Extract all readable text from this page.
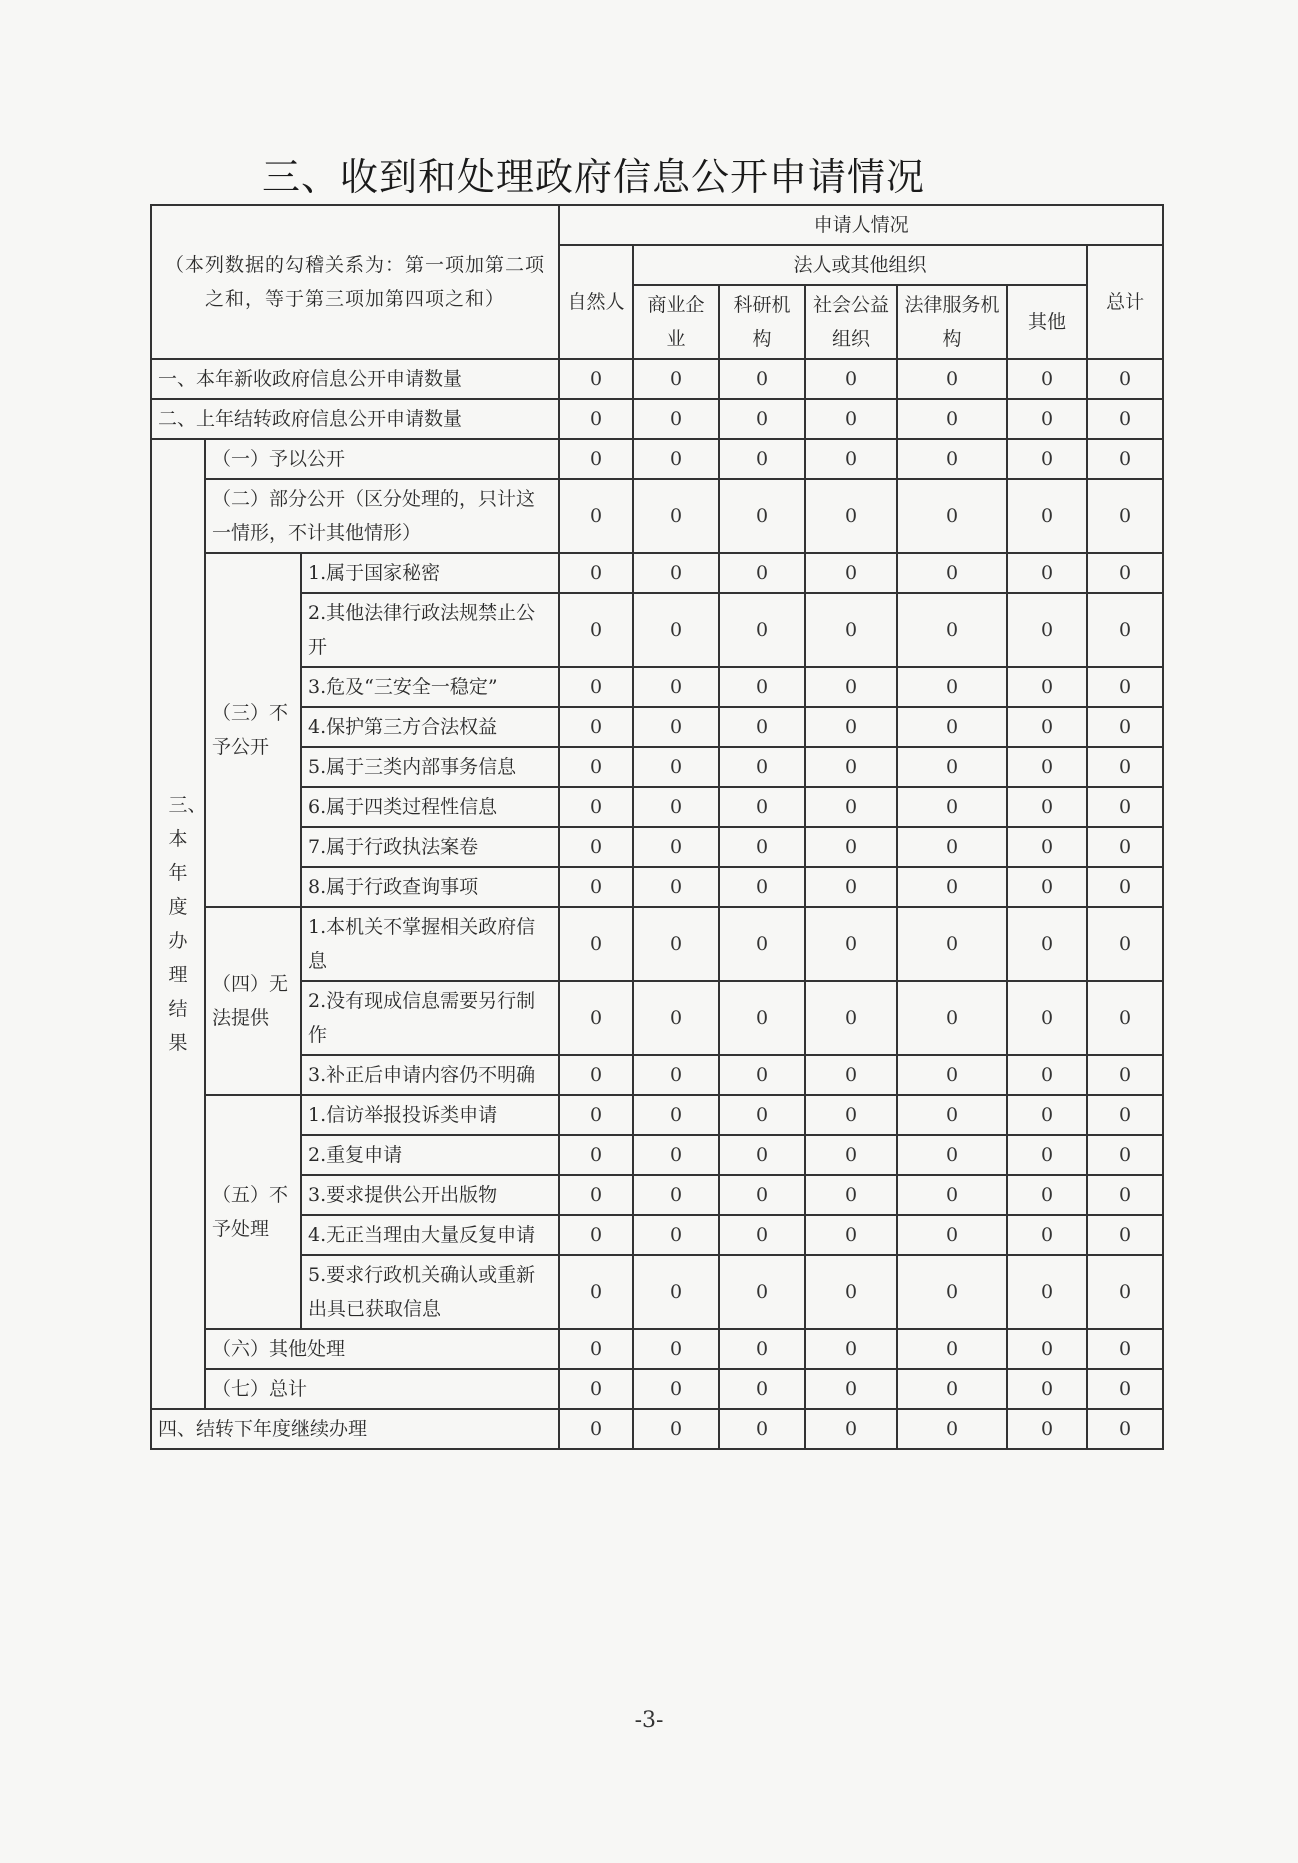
三、收到和处理政府信息公开申请情况
（本列数据的勾稽关系为：第一项加第二项之和，等于第三项加第四项之和）			申请人情况						
			自然人	法人或其他组织					总计
				商业企业	科研机构	社会公益组织	法律服务机构	其他	
一、本年新收政府信息公开申请数量			0	0	0	0	0	0	0
二、上年结转政府信息公开申请数量			0	0	0	0	0	0	0
三、本年度办理结果	（一）予以公开		0	0	0	0	0	0	0
	（二）部分公开（区分处理的，只计这一情形，不计其他情形）		0	0	0	0	0	0	0
	（三）不予公开	1.属于国家秘密	0	0	0	0	0	0	0
		2.其他法律行政法规禁止公开	0	0	0	0	0	0	0
		3.危及“三安全一稳定”	0	0	0	0	0	0	0
		4.保护第三方合法权益	0	0	0	0	0	0	0
		5.属于三类内部事务信息	0	0	0	0	0	0	0
		6.属于四类过程性信息	0	0	0	0	0	0	0
		7.属于行政执法案卷	0	0	0	0	0	0	0
		8.属于行政查询事项	0	0	0	0	0	0	0
	（四）无法提供	1.本机关不掌握相关政府信息	0	0	0	0	0	0	0
		2.没有现成信息需要另行制作	0	0	0	0	0	0	0
		3.补正后申请内容仍不明确	0	0	0	0	0	0	0
	（五）不予处理	1.信访举报投诉类申请	0	0	0	0	0	0	0
		2.重复申请	0	0	0	0	0	0	0
		3.要求提供公开出版物	0	0	0	0	0	0	0
		4.无正当理由大量反复申请	0	0	0	0	0	0	0
		5.要求行政机关确认或重新出具已获取信息	0	0	0	0	0	0	0
	（六）其他处理		0	0	0	0	0	0	0
	（七）总计		0	0	0	0	0	0	0
四、结转下年度继续办理			0	0	0	0	0	0	0
-3-
